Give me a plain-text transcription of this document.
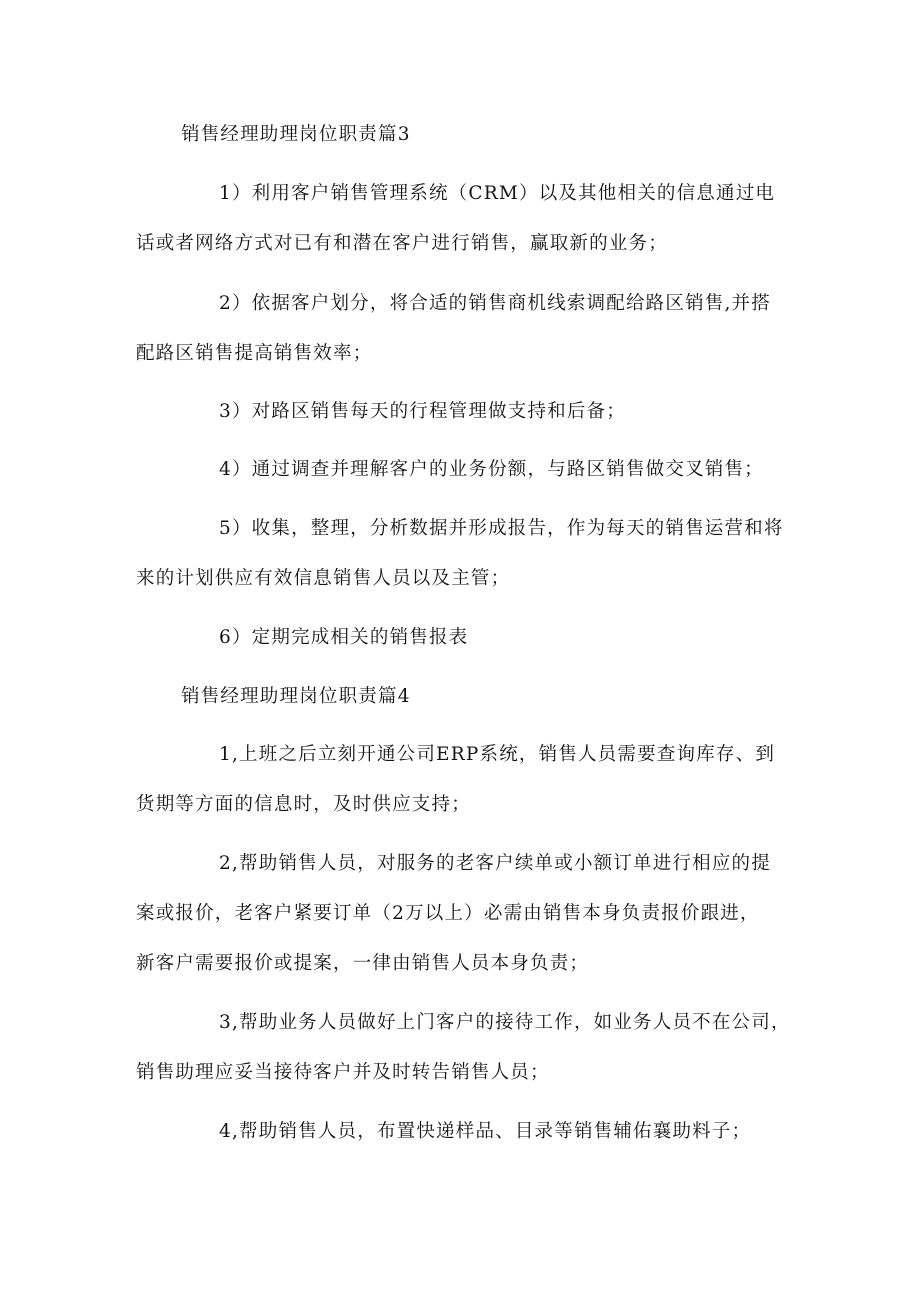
销售经理助理岗位职责篇3
1）利用客户销售管理系统（CRM）以及其他相关的信息通过电
话或者网络方式对已有和潜在客户进行销售，赢取新的业务；
2）依据客户划分，将合适的销售商机线索调配给路区销售,并搭
配路区销售提高销售效率；
3）对路区销售每天的行程管理做支持和后备；
4）通过调查并理解客户的业务份额，与路区销售做交叉销售；
5）收集，整理，分析数据并形成报告，作为每天的销售运营和将
来的计划供应有效信息销售人员以及主管；
6）定期完成相关的销售报表
销售经理助理岗位职责篇4
1,上班之后立刻开通公司ERP系统，销售人员需要查询库存、到
货期等方面的信息时，及时供应支持；
2,帮助销售人员，对服务的老客户续单或小额订单进行相应的提
案或报价，老客户紧要订单（2万以上）必需由销售本身负责报价跟进，
新客户需要报价或提案，一律由销售人员本身负责；
3,帮助业务人员做好上门客户的接待工作，如业务人员不在公司，
销售助理应妥当接待客户并及时转告销售人员；
4,帮助销售人员，布置快递样品、目录等销售辅佑襄助料子；
